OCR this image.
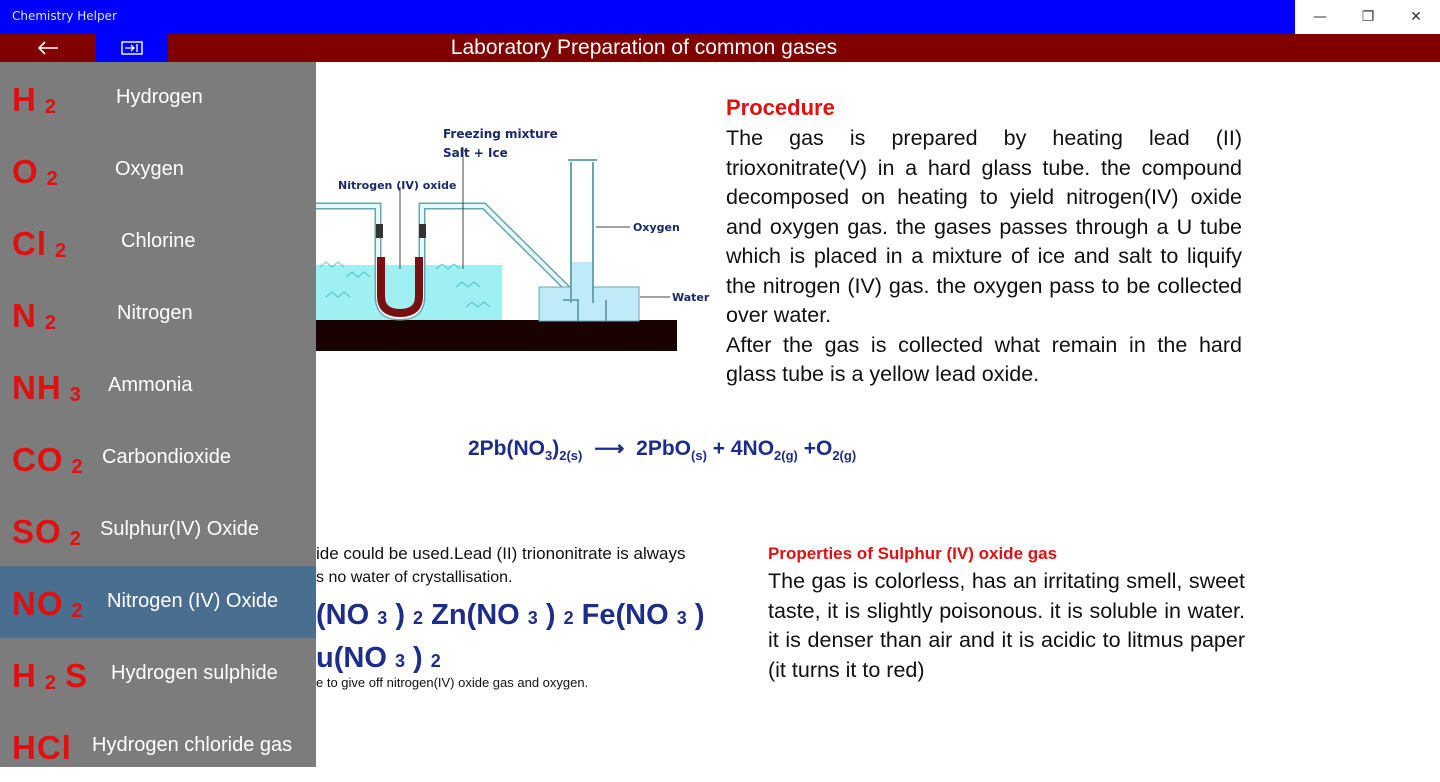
Chemistry Helper	— ❐	✕
Laboratory Preparation of common gases
Freezing mixture
Salt + Ice
Nitrogen (IV) oxide
Oxygen
Water
Procedure
The gas is prepared by heating lead (II) trioxonitrate(V) in a hard glass tube. the compound decomposed on heating to yield nitrogen(IV) oxide and oxygen gas. the gases passes through a U tube which is placed in a mixture of ice and salt to liquify the nitrogen (IV) gas. the oxygen pass to be collected over water.
After the gas is collected what remain in the hard glass tube is a yellow lead oxide.
$2Pb(NO_3)_{2(s)}$ ⟶ $2PbO_{(s)} + 4NO_{2(g)} +O_{2(g)}$
ide could be used.Lead (II) triononitrate is always
s no water of crystallisation.
(NO 3 ) 2 Zn(NO 3 ) 2 Fe(NO 3 )
u(NO 3 ) 2
e to give off nitrogen(IV) oxide gas and oxygen.
Properties of Sulphur (IV) oxide gas
The gas is colorless, has an irritating smell, sweet taste, it is slightly poisonous. it is soluble in water. it is denser than air and it is acidic to litmus paper (it turns it to red)
H 2	Hydrogen
O 2	Oxygen
Cl 2	Chlorine
N 2	Nitrogen
NH 3 Ammonia
CO 2 Carbondioxide
SO 2 Sulphur(IV) Oxide
NO 2 Nitrogen (IV) Oxide
H 2 S Hydrogen sulphide
HCl Hydrogen chloride gas
